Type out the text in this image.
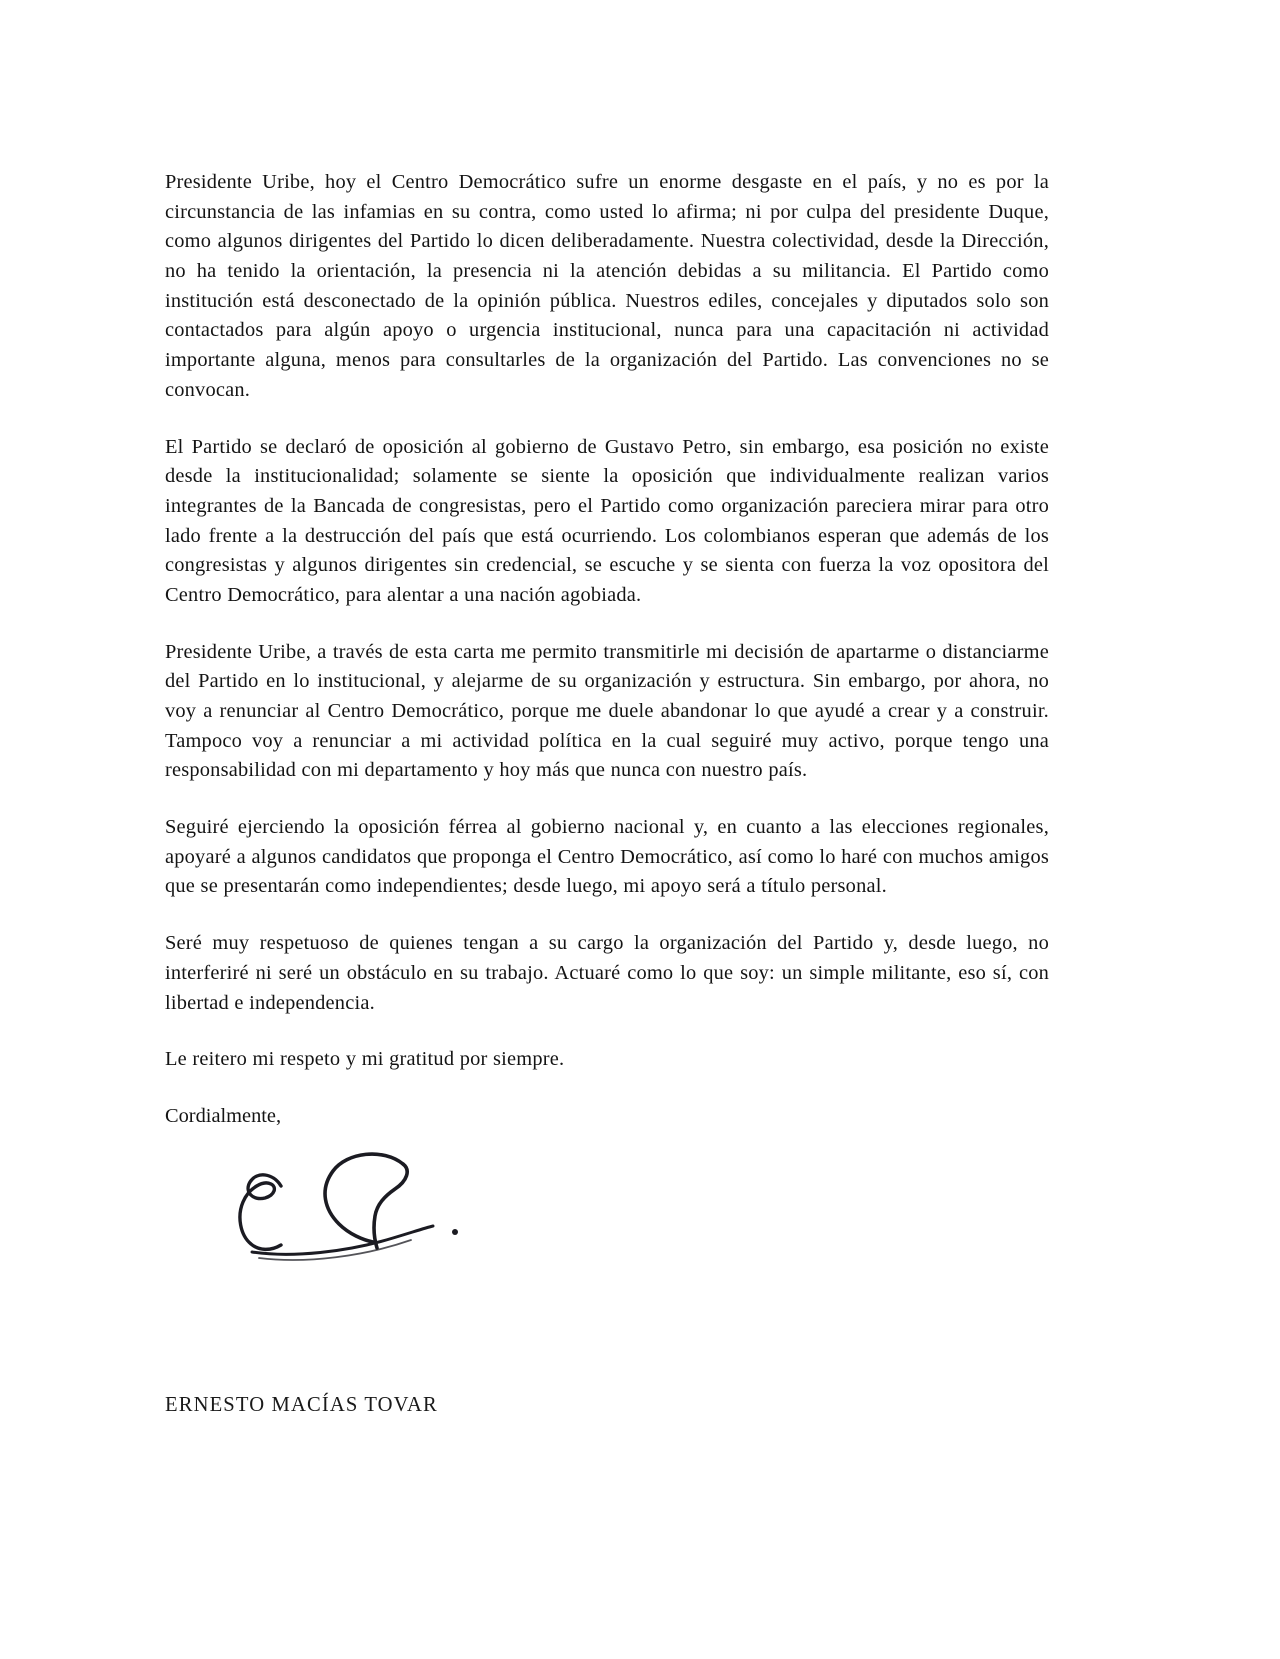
Presidente Uribe, hoy el Centro Democrático sufre un enorme desgaste en el país, y no es por la circunstancia de las infamias en su contra, como usted lo afirma; ni por culpa del presidente Duque, como algunos dirigentes del Partido lo dicen deliberadamente. Nuestra colectividad, desde la Dirección, no ha tenido la orientación, la presencia ni la atención debidas a su militancia. El Partido como institución está desconectado de la opinión pública. Nuestros ediles, concejales y diputados solo son contactados para algún apoyo o urgencia institucional, nunca para una capacitación ni actividad importante alguna, menos para consultarles de la organización del Partido. Las convenciones no se convocan.

El Partido se declaró de oposición al gobierno de Gustavo Petro, sin embargo, esa posición no existe desde la institucionalidad; solamente se siente la oposición que individualmente realizan varios integrantes de la Bancada de congresistas, pero el Partido como organización pareciera mirar para otro lado frente a la destrucción del país que está ocurriendo. Los colombianos esperan que además de los congresistas y algunos dirigentes sin credencial, se escuche y se sienta con fuerza la voz opositora del Centro Democrático, para alentar a una nación agobiada.

Presidente Uribe, a través de esta carta me permito transmitirle mi decisión de apartarme o distanciarme del Partido en lo institucional, y alejarme de su organización y estructura. Sin embargo, por ahora, no voy a renunciar al Centro Democrático, porque me duele abandonar lo que ayudé a crear y a construir. Tampoco voy a renunciar a mi actividad política en la cual seguiré muy activo, porque tengo una responsabilidad con mi departamento y hoy más que nunca con nuestro país.

Seguiré ejerciendo la oposición férrea al gobierno nacional y, en cuanto a las elecciones regionales, apoyaré a algunos candidatos que proponga el Centro Democrático, así como lo haré con muchos amigos que se presentarán como independientes; desde luego, mi apoyo será a título personal.

Seré muy respetuoso de quienes tengan a su cargo la organización del Partido y, desde luego, no interferiré ni seré un obstáculo en su trabajo. Actuaré como lo que soy: un simple militante, eso sí, con libertad e independencia.

Le reitero mi respeto y mi gratitud por siempre.

Cordialmente,

ERNESTO MACÍAS TOVAR
